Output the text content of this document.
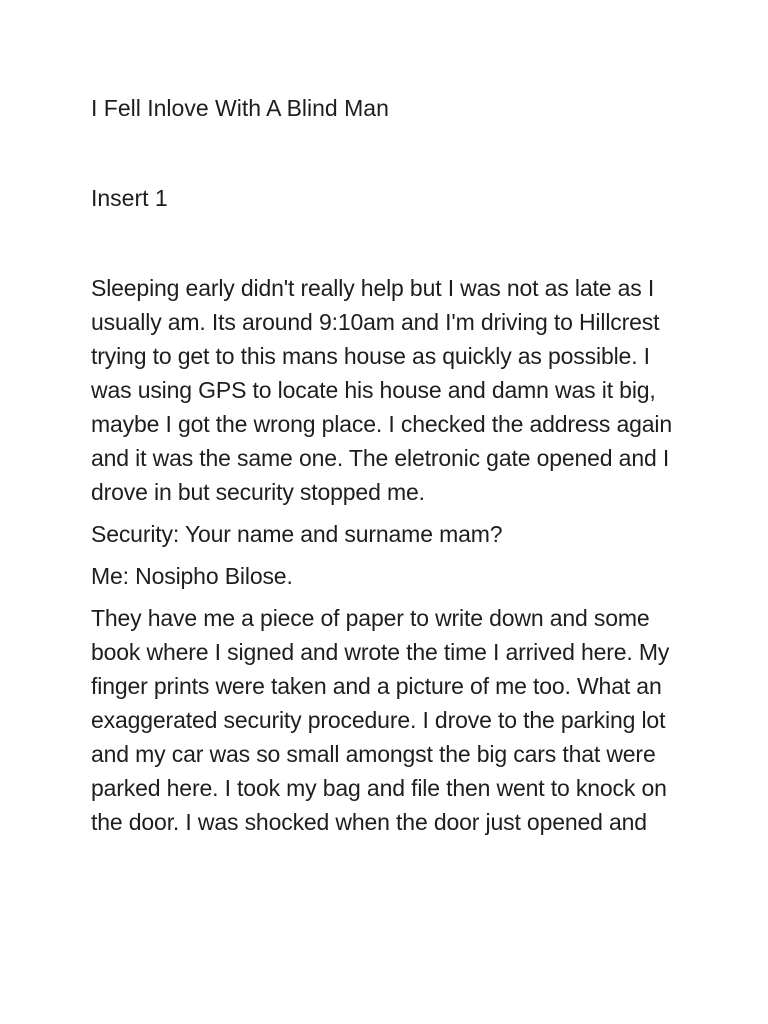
I Fell Inlove With A Blind Man

Insert 1

Sleeping early didn't really help but I was not as late as I usually am. Its around 9:10am and I'm driving to Hillcrest trying to get to this mans house as quickly as possible. I was using GPS to locate his house and damn was it big, maybe I got the wrong place. I checked the address again and it was the same one. The eletronic gate opened and I drove in but security stopped me.

Security: Your name and surname mam?

Me: Nosipho Bilose.

They have me a piece of paper to write down and some book where I signed and wrote the time I arrived here. My finger prints were taken and a picture of me too. What an exaggerated security procedure. I drove to the parking lot and my car was so small amongst the big cars that were parked here. I took my bag and file then went to knock on the door. I was shocked when the door just opened and
